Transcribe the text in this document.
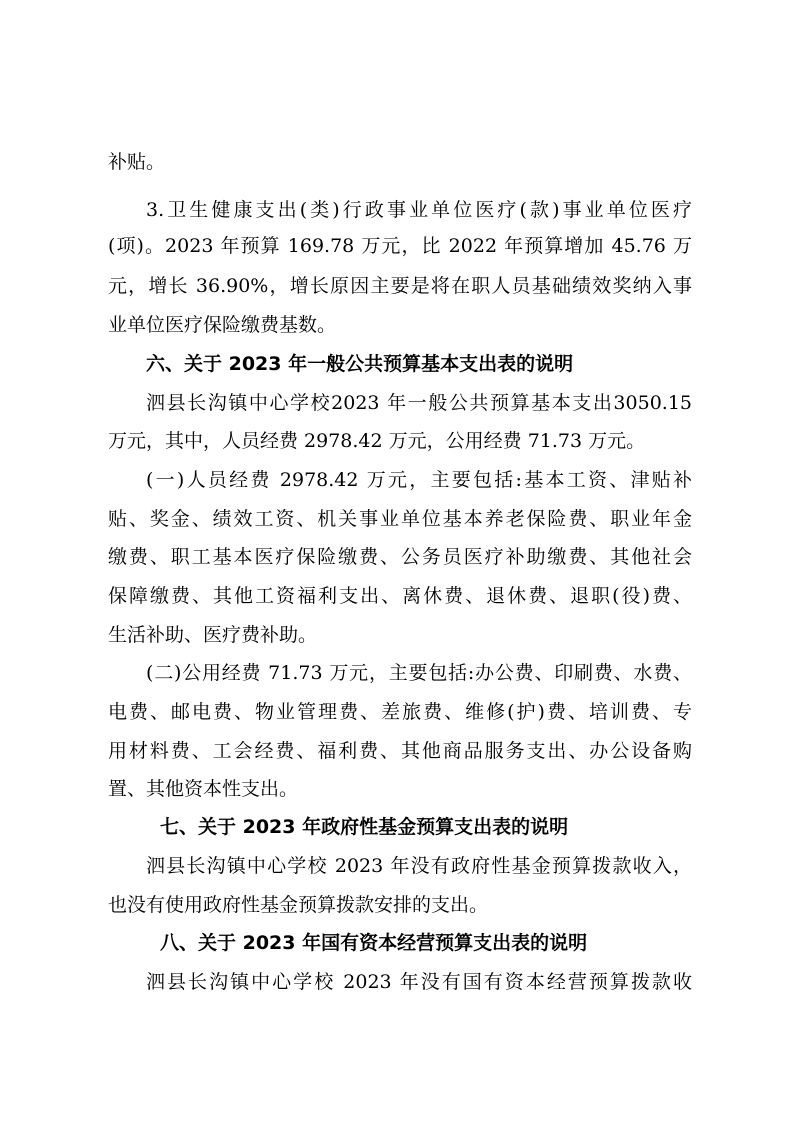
补贴。
3.卫生健康支出(类)行政事业单位医疗(款)事业单位医疗
(项)。2023 年预算 169.78 万元，比 2022 年预算增加 45.76 万
元，增长 36.90%，增长原因主要是将在职人员基础绩效奖纳入事
业单位医疗保险缴费基数。
六、关于 2023 年一般公共预算基本支出表的说明
泗县长沟镇中心学校2023 年一般公共预算基本支出3050.15
万元，其中，人员经费 2978.42 万元，公用经费 71.73 万元。
(一)人员经费 2978.42 万元，主要包括:基本工资、津贴补
贴、奖金、绩效工资、机关事业单位基本养老保险费、职业年金
缴费、职工基本医疗保险缴费、公务员医疗补助缴费、其他社会
保障缴费、其他工资福利支出、离休费、退休费、退职(役)费、
生活补助、医疗费补助。
(二)公用经费 71.73 万元，主要包括:办公费、印刷费、水费、
电费、邮电费、物业管理费、差旅费、维修(护)费、培训费、专
用材料费、工会经费、福利费、其他商品服务支出、办公设备购
置、其他资本性支出。
七、关于 2023 年政府性基金预算支出表的说明
泗县长沟镇中心学校 2023 年没有政府性基金预算拨款收入，
也没有使用政府性基金预算拨款安排的支出。
八、关于 2023 年国有资本经营预算支出表的说明
泗县长沟镇中心学校 2023 年没有国有资本经营预算拨款收
